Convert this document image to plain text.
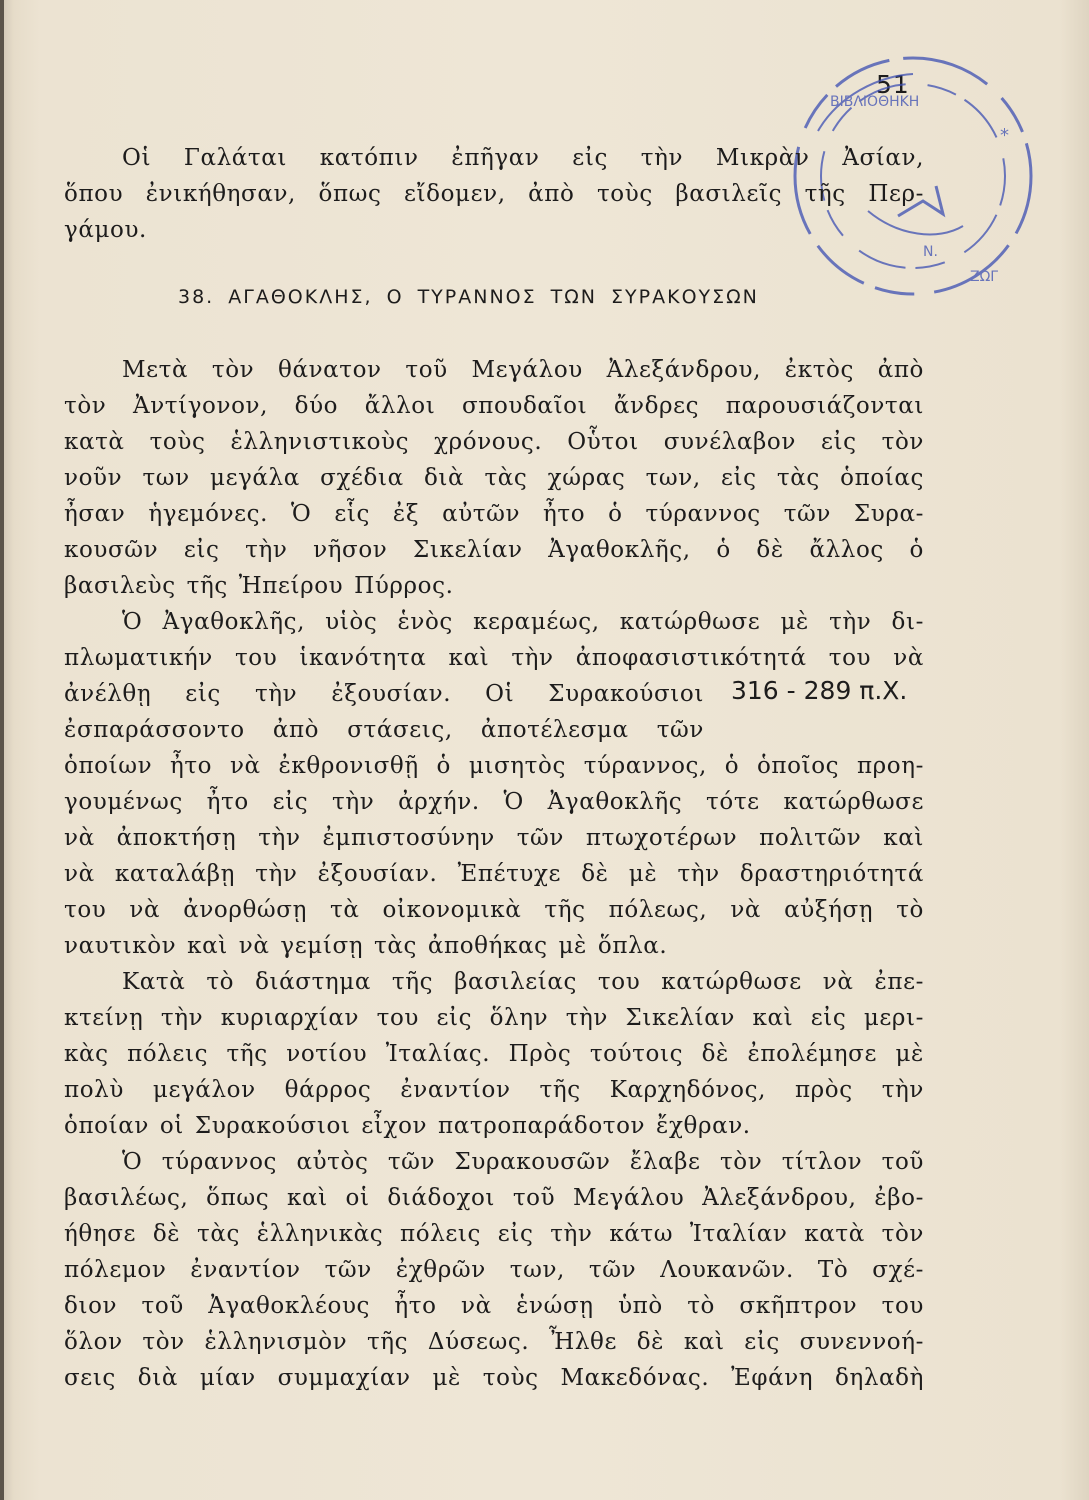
51
Ν.
ΖΩΓ
ΒΙΒΛΙΟΘΗΚΗ
*
Οἱ Γαλάται κατόπιν ἐπῆγαν εἰς τὴν Μικρὰν Ἀσίαν,
ὅπου ἐνικήθησαν, ὅπως εἴδομεν, ἀπὸ τοὺς βασιλεῖς τῆς Περ-
γάμου.
38. ΑΓΑΘΟΚΛΗΣ, Ο ΤΥΡΑΝΝΟΣ ΤΩΝ ΣΥΡΑΚΟΥΣΩΝ
Μετὰ τὸν θάνατον τοῦ Μεγάλου Ἀλεξάνδρου, ἐκτὸς ἀπὸ
τὸν Ἀντίγονον, δύο ἄλλοι σπουδαῖοι ἄνδρες παρουσιάζονται
κατὰ τοὺς ἑλληνιστικοὺς χρόνους. Οὗτοι συνέλαβον εἰς τὸν
νοῦν των μεγάλα σχέδια διὰ τὰς χώρας των, εἰς τὰς ὁποίας
ἦσαν ἡγεμόνες. Ὁ εἷς ἐξ αὐτῶν ἦτο ὁ τύραννος τῶν Συρα-
κουσῶν εἰς τὴν νῆσον Σικελίαν Ἀγαθοκλῆς, ὁ δὲ ἄλλος ὁ
βασιλεὺς τῆς Ἠπείρου Πύρρος.
Ὁ Ἀγαθοκλῆς, υἱὸς ἑνὸς κεραμέως, κατώρθωσε μὲ τὴν δι-
πλωματικήν του ἱκανότητα καὶ τὴν ἀποφασιστικότητά του νὰ
ἀνέλθῃ εἰς τὴν ἐξουσίαν. Οἱ Συρακούσιοι
ἐσπαράσσοντο ἀπὸ στάσεις, ἀποτέλεσμα τῶν
316 - 289 π.Χ.
ὁποίων ἦτο νὰ ἐκθρονισθῇ ὁ μισητὸς τύραννος, ὁ ὁποῖος προη-
γουμένως ἦτο εἰς τὴν ἀρχήν. Ὁ Ἀγαθοκλῆς τότε κατώρθωσε
νὰ ἀποκτήσῃ τὴν ἐμπιστοσύνην τῶν πτωχοτέρων πολιτῶν καὶ
νὰ καταλάβῃ τὴν ἐξουσίαν. Ἐπέτυχε δὲ μὲ τὴν δραστηριότητά
του νὰ ἀνορθώσῃ τὰ οἰκονομικὰ τῆς πόλεως, νὰ αὐξήσῃ τὸ
ναυτικὸν καὶ νὰ γεμίσῃ τὰς ἀποθήκας μὲ ὅπλα.
Κατὰ τὸ διάστημα τῆς βασιλείας του κατώρθωσε νὰ ἐπε-
κτείνῃ τὴν κυριαρχίαν του εἰς ὅλην τὴν Σικελίαν καὶ εἰς μερι-
κὰς πόλεις τῆς νοτίου Ἰταλίας. Πρὸς τούτοις δὲ ἐπολέμησε μὲ
πολὺ μεγάλον θάρρος ἐναντίον τῆς Καρχηδόνος, πρὸς τὴν
ὁποίαν οἱ Συρακούσιοι εἶχον πατροπαράδοτον ἔχθραν.
Ὁ τύραννος αὐτὸς τῶν Συρακουσῶν ἔλαβε τὸν τίτλον τοῦ
βασιλέως, ὅπως καὶ οἱ διάδοχοι τοῦ Μεγάλου Ἀλεξάνδρου, ἐβο-
ήθησε δὲ τὰς ἑλληνικὰς πόλεις εἰς τὴν κάτω Ἰταλίαν κατὰ τὸν
πόλεμον ἐναντίον τῶν ἐχθρῶν των, τῶν Λουκανῶν. Τὸ σχέ-
διον τοῦ Ἀγαθοκλέους ἦτο νὰ ἑνώσῃ ὑπὸ τὸ σκῆπτρον του
ὅλον τὸν ἑλληνισμὸν τῆς Δύσεως. Ἦλθε δὲ καὶ εἰς συνεννοή-
σεις διὰ μίαν συμμαχίαν μὲ τοὺς Μακεδόνας. Ἐφάνη δηλαδὴ
